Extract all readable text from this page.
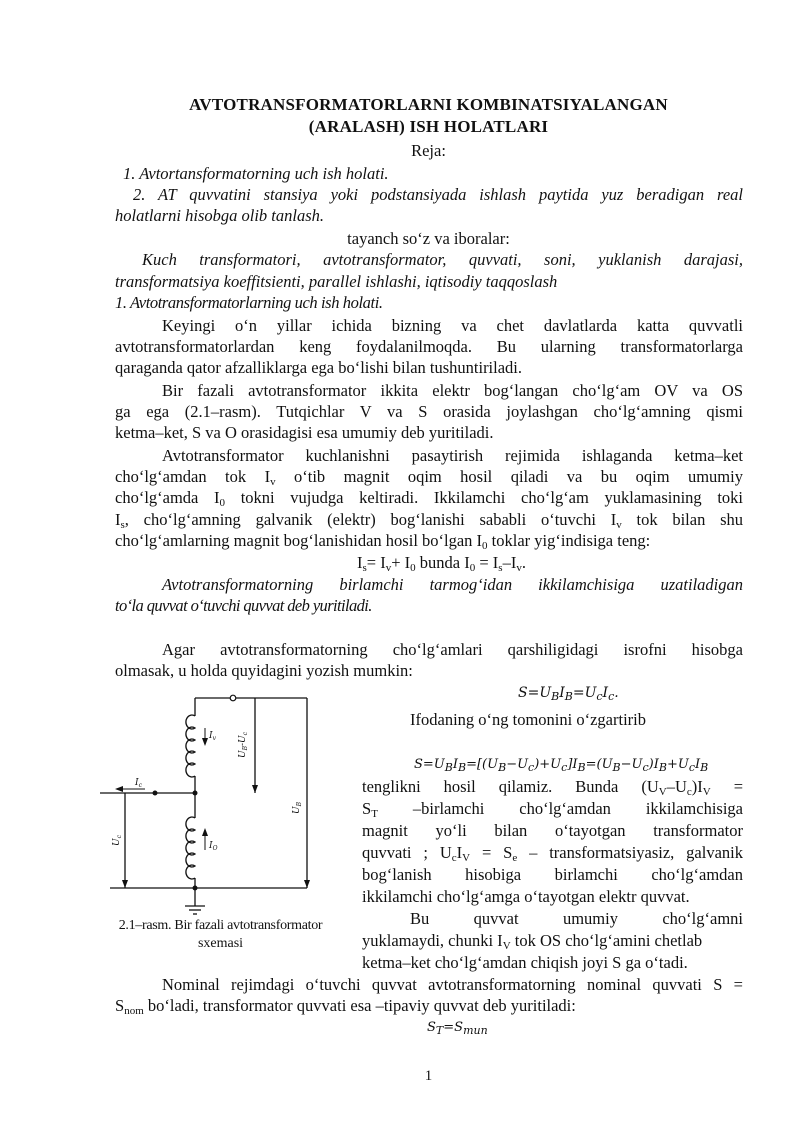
AVTOTRANSFORMATORLARNI KOMBINATSIYALANGAN
(ARALASH) ISH HOLATLARI
Reja:
1. Avtortansformatorning uch ish holati.
2. AT quvvatini stansiya yoki podstansiyada ishlash paytida yuz beradigan real
holatlarni hisobga olib tanlash.
tayanch so‘z va iboralar:
Kuch transformatori, avtotransformator, quvvati, soni, yuklanish darajasi,
transformatsiya koeffitsienti, parallel ishlashi, iqtisodiy taqqoslash
1. Avtotransformatorlarning uch ish holati.
Keyingi o‘n yillar ichida bizning va chet davlatlarda katta quvvatli
avtotransformatorlardan keng foydalanilmoqda. Bu ularning transformatorlarga
qaraganda qator afzalliklarga ega bo‘lishi bilan tushuntiriladi.
Bir fazali avtotransformator ikkita elektr bog‘langan cho‘lg‘am OV va OS
ga ega (2.1–rasm). Tutqichlar V va S orasida joylashgan cho‘lg‘amning qismi
ketma–ket, S va O orasidagisi esa umumiy deb yuritiladi.
Avtotransformator kuchlanishni pasaytirish rejimida ishlaganda ketma–ket
cho‘lg‘amdan tok $I_v$ o‘tib magnit oqim hosil qiladi va bu oqim umumiy
cho‘lg‘amda $I_0$ tokni vujudga keltiradi. Ikkilamchi cho‘lg‘am yuklamasining toki
$I_s$, cho‘lg‘amning galvanik (elektr) bog‘lanishi sababli o‘tuvchi $I_v$ tok bilan shu
cho‘lg‘amlarning magnit bog‘lanishidan hosil bo‘lgan $I_0$ toklar yig‘indisiga teng:
$I_s= I_v+ I_0$ bunda $I_0 = I_s-I_v$.
Avtotransformatorning birlamchi tarmog‘idan ikkilamchisiga uzatiladigan
to‘la quvvat o‘tuvchi quvvat deb yuritiladi.
Agar avtotransformatorning cho‘lg‘amlari qarshiligidagi isrofni hisobga
olmasak, u holda quyidagini yozish mumkin:
$S=U_BI_B=U_cI_c$.
Ifodaning o‘ng tomonini o‘zgartirib
$S=U_BI_B=[(U_B-U_c)+U_c]I_B=(U_B-U_c)I_B+U_cI_B$
tenglikni hosil qilamiz. Bunda $(U_V-U_c)I_V$ =
$S_T$ –birlamchi cho‘lg‘amdan ikkilamchisiga
magnit yo‘li bilan o‘tayotgan transformator
quvvati ; $U_cI_V = S_e$ – transformatsiyasiz, galvanik
bog‘lanish hisobiga birlamchi cho‘lg‘amdan
ikkilamchi cho‘lg‘amga o‘tayotgan elektr quvvat.
Bu quvvat umumiy cho‘lg‘amni
yuklamaydi, chunki $I_V$ tok OS cho‘lg‘amini chetlab
ketma–ket cho‘lg‘amdan chiqish joyi S ga o‘tadi.
$I_v$
$I_O$
$I_c$
$U_B-U_c$
$U_B$
$U_c$
2.1–rasm. Bir fazali avtotransformator
sxemasi
Nominal rejimdagi o‘tuvchi quvvat avtotransformatorning nominal quvvati S =
$S_{nom}$ bo‘ladi, transformator quvvati esa –tipaviy quvvat deb yuritiladi:
$S_T=S_{mun}$
1
